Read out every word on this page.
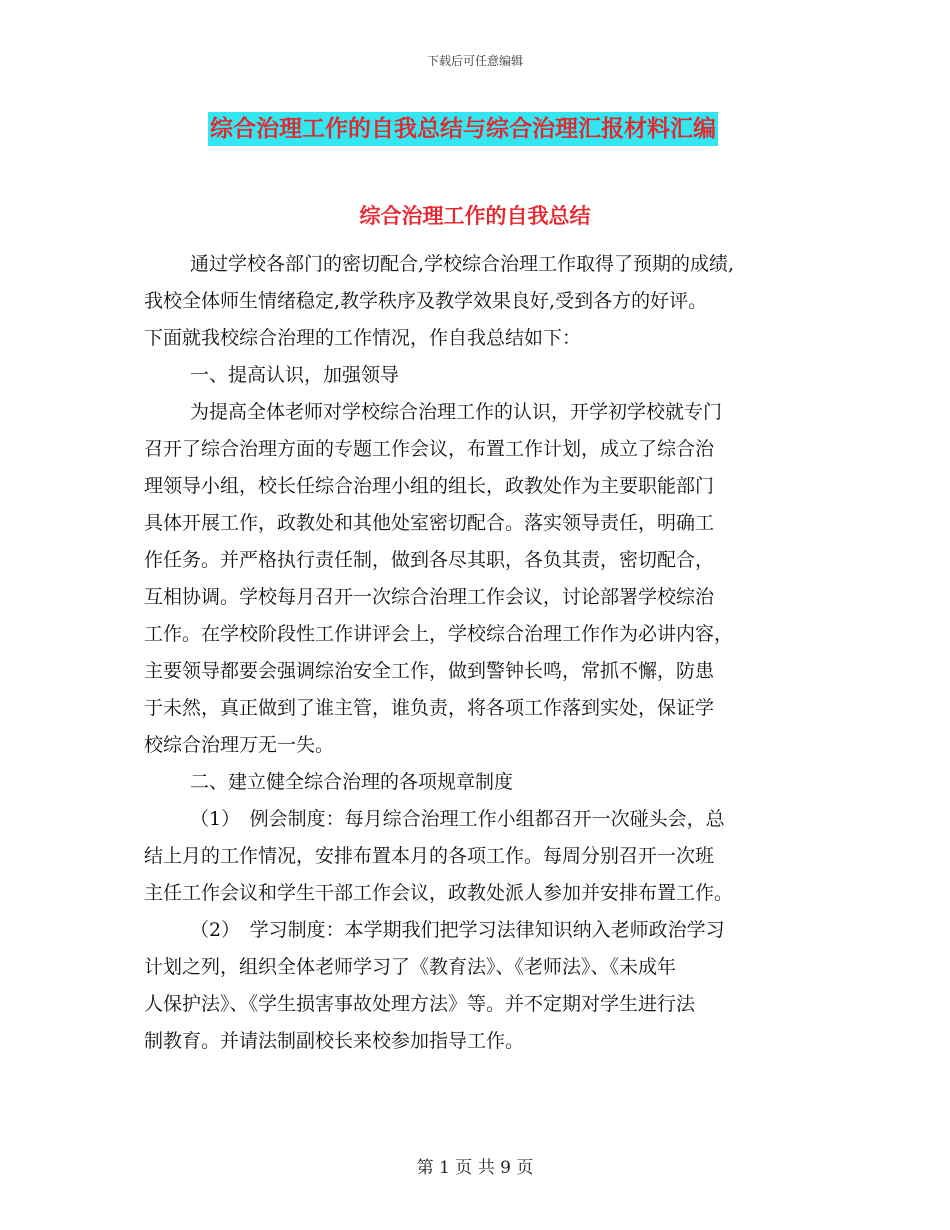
下载后可任意编辑
综合治理工作的自我总结与综合治理汇报材料汇编
综合治理工作的自我总结
通过学校各部门的密切配合,学校综合治理工作取得了预期的成绩,
我校全体师生情绪稳定,教学秩序及教学效果良好,受到各方的好评。
下面就我校综合治理的工作情况，作自我总结如下：
一、提高认识，加强领导
为提高全体老师对学校综合治理工作的认识，开学初学校就专门
召开了综合治理方面的专题工作会议，布置工作计划，成立了综合治
理领导小组，校长任综合治理小组的组长，政教处作为主要职能部门
具体开展工作，政教处和其他处室密切配合。落实领导责任，明确工
作任务。并严格执行责任制，做到各尽其职，各负其责，密切配合，
互相协调。学校每月召开一次综合治理工作会议，讨论部署学校综治
工作。在学校阶段性工作讲评会上，学校综合治理工作作为必讲内容，
主要领导都要会强调综治安全工作，做到警钟长鸣，常抓不懈，防患
于未然，真正做到了谁主管，谁负责，将各项工作落到实处，保证学
校综合治理万无一失。
二、建立健全综合治理的各项规章制度
（1）　例会制度：每月综合治理工作小组都召开一次碰头会，总
结上月的工作情况，安排布置本月的各项工作。每周分别召开一次班
主任工作会议和学生干部工作会议，政教处派人参加并安排布置工作。
（2）　学习制度：本学期我们把学习法律知识纳入老师政治学习
计划之列，组织全体老师学习了《教育法》、《老师法》、《未成年
人保护法》、《学生损害事故处理方法》等。并不定期对学生进行法
制教育。并请法制副校长来校参加指导工作。
第 1 页 共 9 页
